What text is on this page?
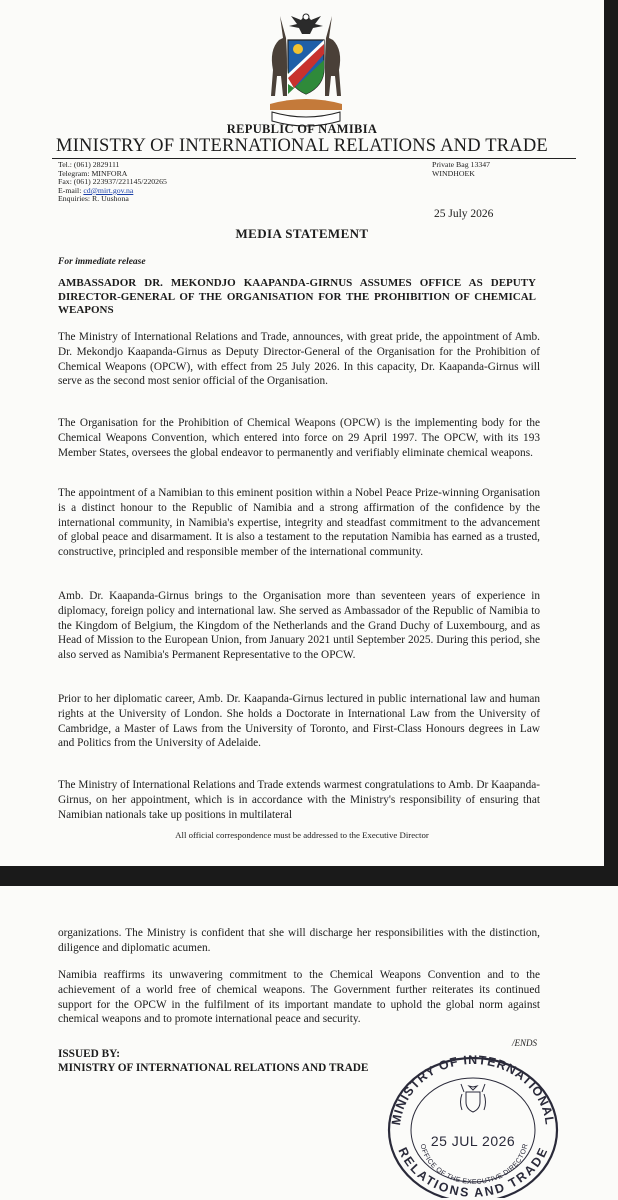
REPUBLIC OF NAMIBIA
MINISTRY OF INTERNATIONAL RELATIONS AND TRADE
Tel.: (061) 2829111
Telegram: MINFORA
Fax: (061) 223937/221145/220265
E-mail: cd@mirt.gov.na
Enquiries: R. Uushona
Private Bag 13347
WINDHOEK
25 July 2026
MEDIA STATEMENT
For immediate release
AMBASSADOR DR. MEKONDJO KAAPANDA-GIRNUS ASSUMES OFFICE AS DEPUTY DIRECTOR-GENERAL OF THE ORGANISATION FOR THE PROHIBITION OF CHEMICAL WEAPONS

The Ministry of International Relations and Trade, announces, with great pride, the appointment of Amb. Dr. Mekondjo Kaapanda-Girnus as Deputy Director-General of the Organisation for the Prohibition of Chemical Weapons (OPCW), with effect from 25 July 2026. In this capacity, Dr. Kaapanda-Girnus will serve as the second most senior official of the Organisation.

The Organisation for the Prohibition of Chemical Weapons (OPCW) is the implementing body for the Chemical Weapons Convention, which entered into force on 29 April 1997. The OPCW, with its 193 Member States, oversees the global endeavor to permanently and verifiably eliminate chemical weapons.

The appointment of a Namibian to this eminent position within a Nobel Peace Prize-winning Organisation is a distinct honour to the Republic of Namibia and a strong affirmation of the confidence by the international community, in Namibia's expertise, integrity and steadfast commitment to the advancement of global peace and disarmament. It is also a testament to the reputation Namibia has earned as a trusted, constructive, principled and responsible member of the international community.

Amb. Dr. Kaapanda-Girnus brings to the Organisation more than seventeen years of experience in diplomacy, foreign policy and international law. She served as Ambassador of the Republic of Namibia to the Kingdom of Belgium, the Kingdom of the Netherlands and the Grand Duchy of Luxembourg, and as Head of Mission to the European Union, from January 2021 until September 2025. During this period, she also served as Namibia's Permanent Representative to the OPCW.

Prior to her diplomatic career, Amb. Dr. Kaapanda-Girnus lectured in public international law and human rights at the University of London. She holds a Doctorate in International Law from the University of Cambridge, a Master of Laws from the University of Toronto, and First-Class Honours degrees in Law and Politics from the University of Adelaide.

The Ministry of International Relations and Trade extends warmest congratulations to Amb. Dr Kaapanda-Girnus, on her appointment, which is in accordance with the Ministry's responsibility of ensuring that Namibian nationals take up positions in multilateral

All official correspondence must be addressed to the Executive Director

organizations. The Ministry is confident that she will discharge her responsibilities with the distinction, diligence and diplomatic acumen.

Namibia reaffirms its unwavering commitment to the Chemical Weapons Convention and to the achievement of a world free of chemical weapons. The Government further reiterates its continued support for the OPCW in the fulfilment of its important mandate to uphold the global norm against chemical weapons and to promote international peace and security.

/ENDS
ISSUED BY:
MINISTRY OF INTERNATIONAL RELATIONS AND TRADE
MINISTRY OF INTERNATIONAL
RELATIONS AND TRADE
OFFICE OF THE EXECUTIVE DIRECTOR
25 JUL 2026
